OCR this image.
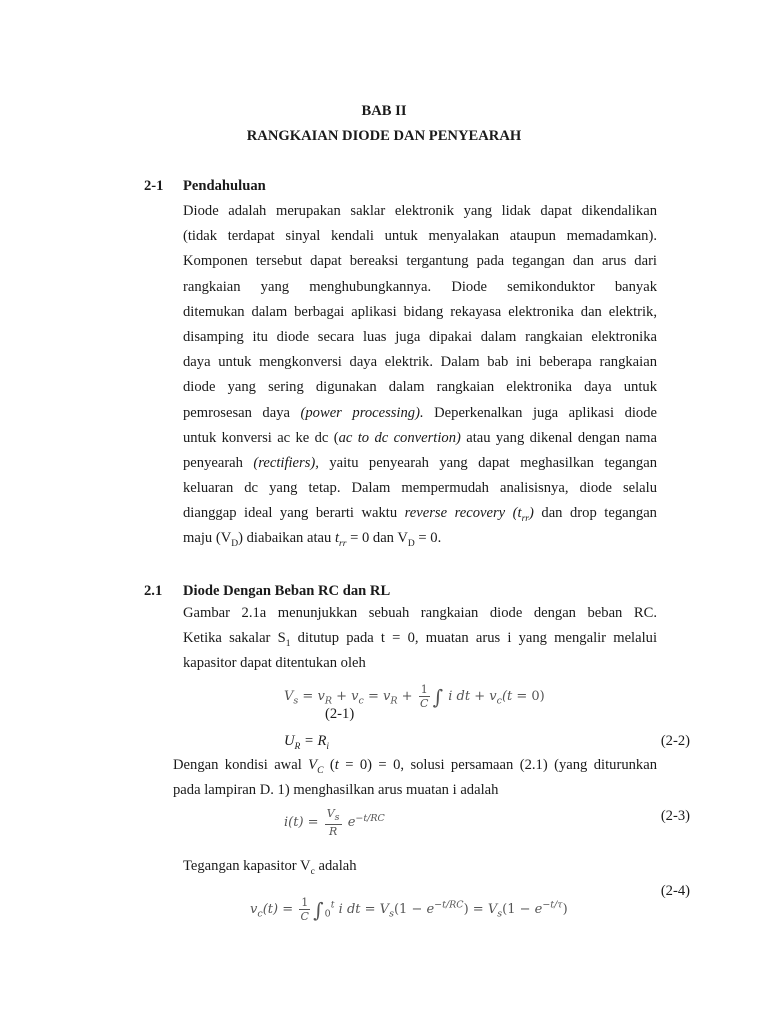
BAB II
RANGKAIAN DIODE DAN PENYEARAH
2-1 Pendahuluan
Diode adalah merupakan saklar elektronik yang lidak dapat dikendalikan
(tidak terdapat sinyal kendali untuk menyalakan ataupun memadamkan).
Komponen tersebut dapat bereaksi tergantung pada tegangan dan arus dari
rangkaian yang menghubungkannya. Diode semikonduktor banyak
ditemukan dalam berbagai aplikasi bidang rekayasa elektronika dan elektrik,
disamping itu diode secara luas juga dipakai dalam rangkaian elektronika
daya untuk mengkonversi daya elektrik. Dalam bab ini beberapa rangkaian
diode yang sering digunakan dalam rangkaian elektronika daya untuk
pemrosesan daya (power processing). Deperkenalkan juga aplikasi diode
untuk konversi ac ke dc (ac to dc convertion) atau yang dikenal dengan nama
penyearah (rectifiers), yaitu penyearah yang dapat meghasilkan tegangan
keluaran dc yang tetap. Dalam mempermudah analisisnya, diode selalu
dianggap ideal yang berarti waktu reverse recovery $(t_{rr})$ dan drop tegangan
maju $(V_D)$ diabaikan atau $t_{rr} = 0$ dan $V_D = 0$.
2.1 Diode Dengan Beban RC dan RL
Gambar 2.1a menunjukkan sebuah rangkaian diode dengan beban RC.
Ketika sakalar $S_1$ ditutup pada t = 0, muatan arus i yang mengalir melalui
kapasitor dapat ditentukan oleh
$V_s = v_R + v_c = v_R + \frac{1}{C}$ ∫ i dt + $v_c(t = 0)$
(2-1)
$U_R = R_i$	(2-2)
Dengan kondisi awal $V_C$ (t = 0) = 0, solusi persamaan (2.1) (yang diturunkan
pada lampiran D. 1) menghasilkan arus muatan i adalah
$i(t) = \frac{V_s}{R} e^{-t/RC}$	(2-3)
Tegangan kapasitor $V_c$ adalah
(2-4)
$v_c(t) = \frac{1}{C} \int_0^t$ i dt = $V_s(1 - e^{-t/RC}) = V_s(1 - e^{-t/\tau})$
